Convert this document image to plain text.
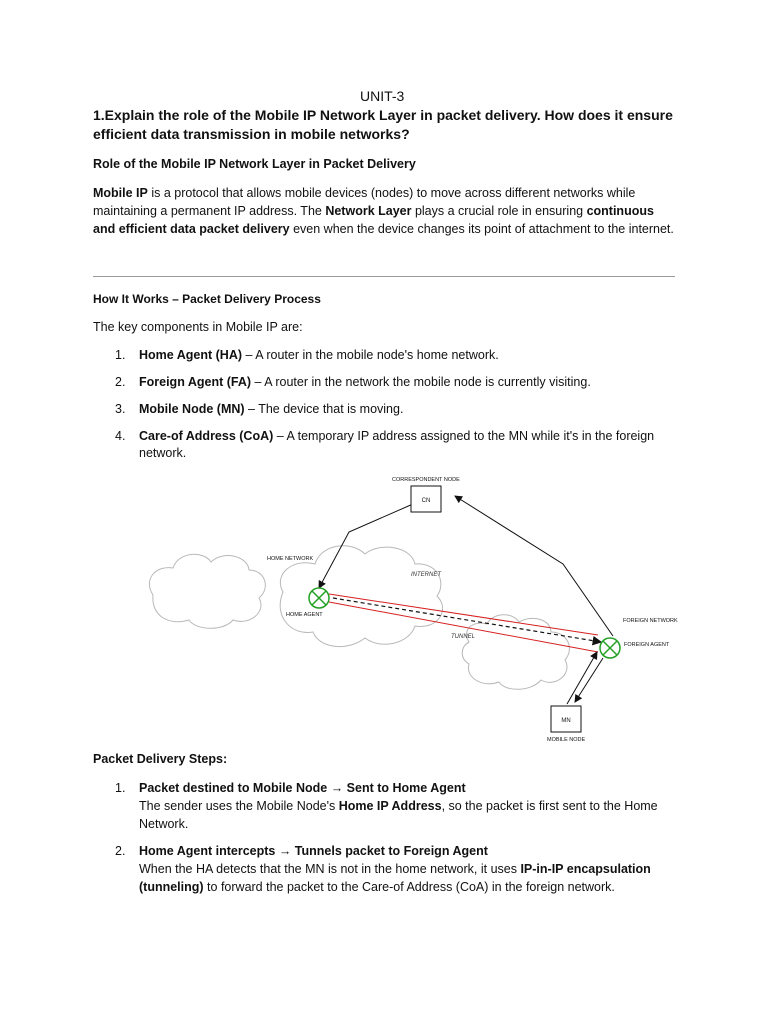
UNIT-3
1.Explain the role of the Mobile IP Network Layer in packet delivery. How does it ensure efficient data transmission in mobile networks?
Role of the Mobile IP Network Layer in Packet Delivery
Mobile IP is a protocol that allows mobile devices (nodes) to move across different networks while maintaining a permanent IP address. The Network Layer plays a crucial role in ensuring continuous and efficient data packet delivery even when the device changes its point of attachment to the internet.
How It Works – Packet Delivery Process
The key components in Mobile IP are:
1. Home Agent (HA) – A router in the mobile node's home network.
2. Foreign Agent (FA) – A router in the network the mobile node is currently visiting.
3. Mobile Node (MN) – The device that is moving.
4. Care-of Address (CoA) – A temporary IP address assigned to the MN while it's in the foreign network.
CN
CORRESPONDENT NODE
HOME NETWORK
HOME AGENT
INTERNET
TUNNEL
FOREIGN NETWORK
FOREIGN AGENT
MN
MOBILE NODE
Packet Delivery Steps:
1. Packet destined to Mobile Node → Sent to Home Agent
The sender uses the Mobile Node's Home IP Address, so the packet is first sent to the Home Network.
2. Home Agent intercepts → Tunnels packet to Foreign Agent
When the HA detects that the MN is not in the home network, it uses IP-in-IP encapsulation (tunneling) to forward the packet to the Care-of Address (CoA) in the foreign network.
